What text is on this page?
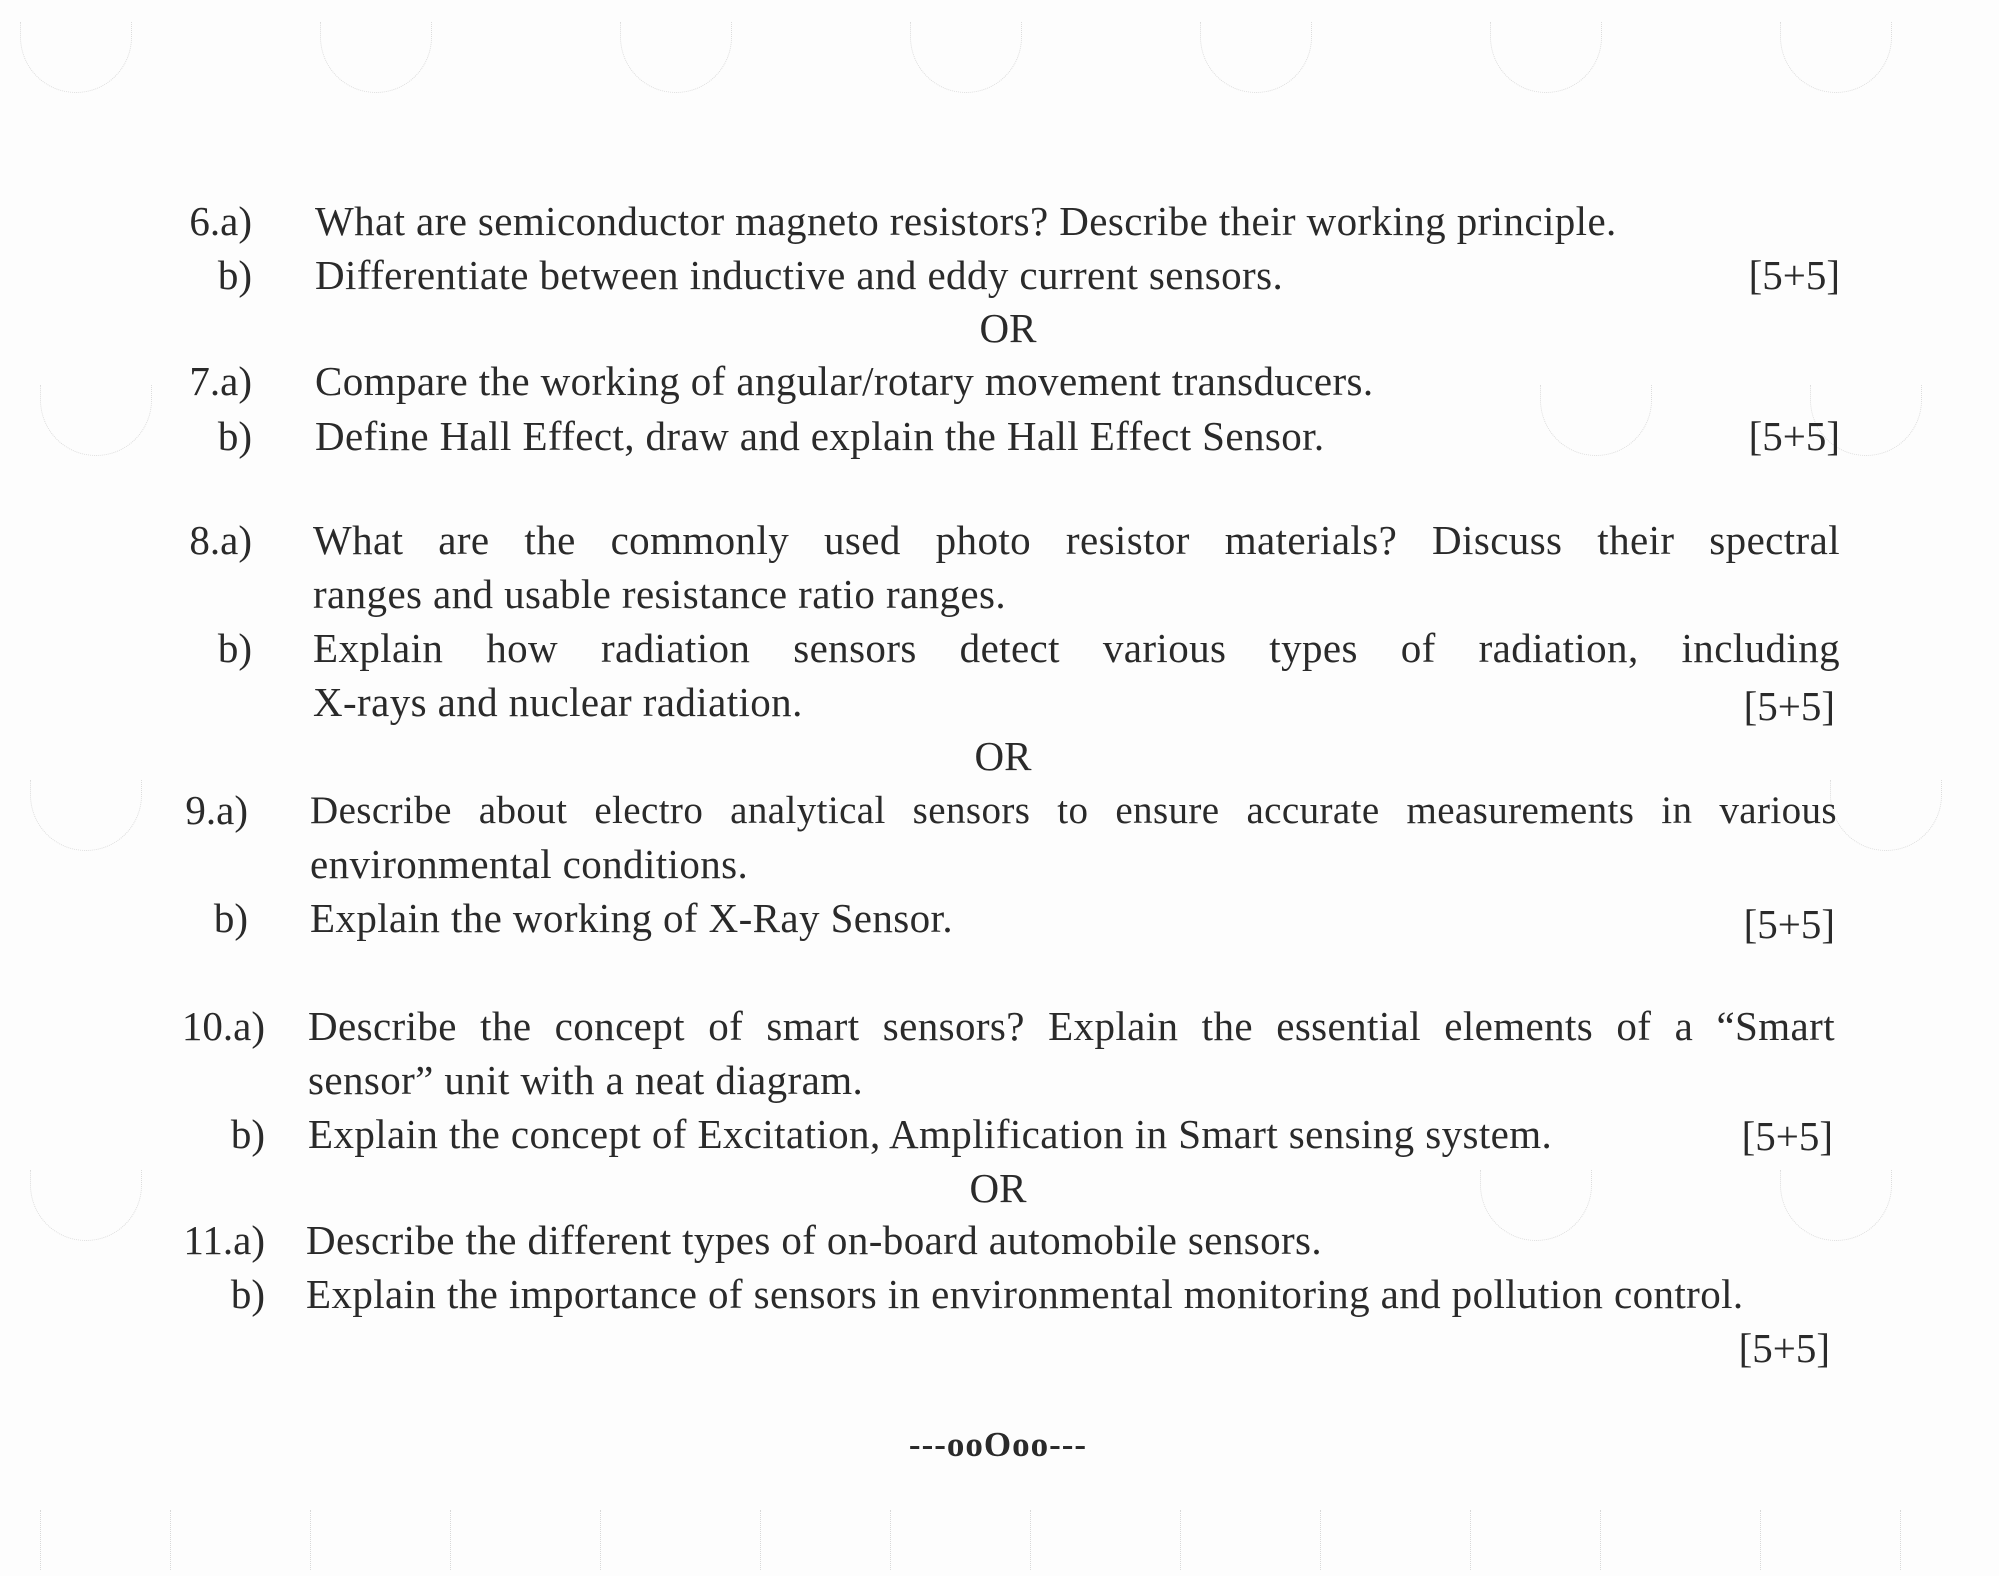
6.a) What are semiconductor magneto resistors? Describe their working principle.
b) Differentiate between inductive and eddy current sensors.	[5+5]
OR
7.a) Compare the working of angular/rotary movement transducers.
b) Define Hall Effect, draw and explain the Hall Effect Sensor.	[5+5]
8.a) What are the commonly used photo resistor materials? Discuss their spectral
ranges and usable resistance ratio ranges.
b) Explain how radiation sensors detect various types of radiation, including
X-rays and nuclear radiation.	[5+5]
OR
9.a) Describe about electro analytical sensors to ensure accurate measurements in various
environmental conditions.
b) Explain the working of X-Ray Sensor.	[5+5]
10.a) Describe the concept of smart sensors? Explain the essential elements of a “Smart
sensor” unit with a neat diagram.
b) Explain the concept of Excitation, Amplification in Smart sensing system.	[5+5]
OR
11.a) Describe the different types of on-board automobile sensors.
b) Explain the importance of sensors in environmental monitoring and pollution control.
[5+5]
---ooOoo---
